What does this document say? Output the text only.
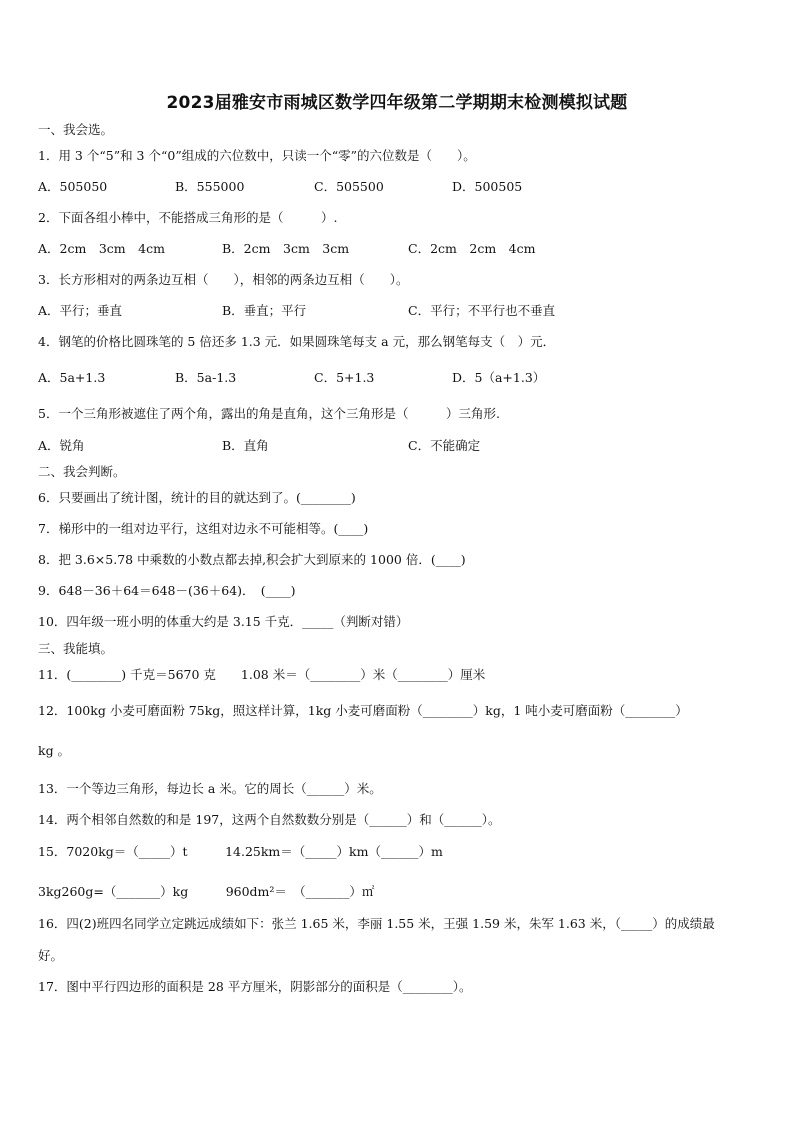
2023届雅安市雨城区数学四年级第二学期期末检测模拟试题
一、我会选。
1．用 3 个“5”和 3 个“0”组成的六位数中，只读一个“零”的六位数是（　　）。
A．505050	B．555000	C．505500	D．500505
2．下面各组小棒中，不能搭成三角形的是（　　　）.
A．2cm　3cm　4cm	B．2cm　3cm　3cm	C．2cm　2cm　4cm
3．长方形相对的两条边互相（　　），相邻的两条边互相（　　）。
A．平行；垂直	B．垂直；平行	C．平行；不平行也不垂直
4．钢笔的价格比圆珠笔的 5 倍还多 1.3 元．如果圆珠笔每支 a 元，那么钢笔每支（　）元．
A．5a+1.3	B．5a-1.3	C．5+1.3	D．5（a+1.3）
5．一个三角形被遮住了两个角，露出的角是直角，这个三角形是（　　　）三角形.
A．锐角	B．直角	C．不能确定
二、我会判断。
6．只要画出了统计图，统计的目的就达到了。(________)
7．梯形中的一组对边平行，这组对边永不可能相等。(____)
8．把 3.6×5.78 中乘数的小数点都去掉,积会扩大到原来的 1000 倍．(____)
9．648－36＋64＝648－(36＋64)．　(____)
10．四年级一班小明的体重大约是 3.15 千克．_____（判断对错）
三、我能填。
11．(________) 千克＝5670 克　　1.08 米＝（________）米（________）厘米
12．100kg 小麦可磨面粉 75kg，照这样计算，1kg 小麦可磨面粉（________）kg，1 吨小麦可磨面粉（________）
kg 。
13．一个等边三角形，每边长 a 米。它的周长（______）米。
14．两个相邻自然数的和是 197，这两个自然数数分别是（______）和（______）。
15．7020kg＝（_____）t　　　14.25km＝（_____）km（______）m
3kg260g=（_______）kg　　　960dm²＝　（_______）㎡
16．四(2)班四名同学立定跳远成绩如下：张兰 1.65 米，李丽 1.55 米，王强 1.59 米，朱军 1.63 米，（_____）的成绩最
好。
17．图中平行四边形的面积是 28 平方厘米，阴影部分的面积是（________）。
